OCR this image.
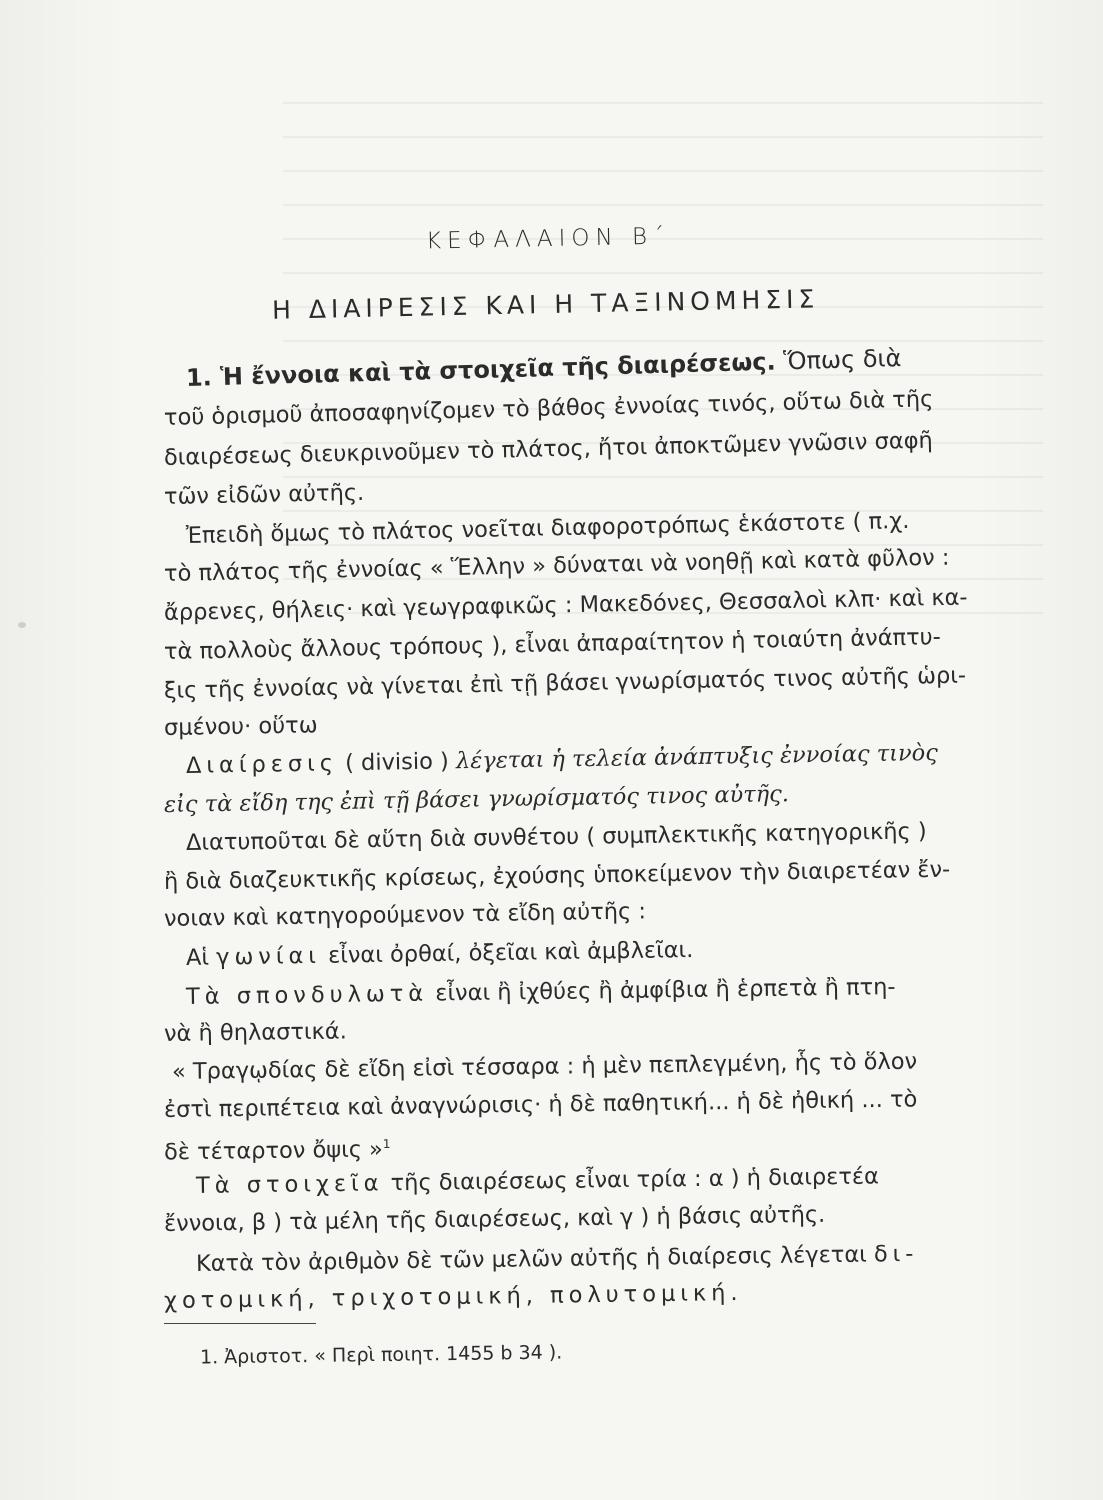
ΚΕΦΑΛΑΙΟΝ Β΄
Η ΔΙΑΙΡΕΣΙΣ ΚΑΙ Η ΤΑΞΙΝΟΜΗΣΙΣ
1. Ἡ ἔννοια καὶ τὰ στοιχεῖα τῆς διαιρέσεως. Ὅπως διὰ
τοῦ ὁρισμοῦ ἀποσαφηνίζομεν τὸ βάθος ἐννοίας τινός, οὕτω διὰ τῆς
διαιρέσεως διευκρινοῦμεν τὸ πλάτος, ἤτοι ἀποκτῶμεν γνῶσιν σαφῆ
τῶν εἰδῶν αὐτῆς.
Ἐπειδὴ ὅμως τὸ πλάτος νοεῖται διαφοροτρόπως ἑκάστοτε ( π.χ.
τὸ πλάτος τῆς ἐννοίας « Ἕλλην » δύναται νὰ νοηθῇ καὶ κατὰ φῦλον :
ἄρρενες, θήλεις· καὶ γεωγραφικῶς : Μακεδόνες, Θεσσαλοὶ κλπ· καὶ κα-
τὰ πολλοὺς ἄλλους τρόπους ), εἶναι ἀπαραίτητον ἡ τοιαύτη ἀνάπτυ-
ξις τῆς ἐννοίας νὰ γίνεται ἐπὶ τῇ βάσει γνωρίσματός τινος αὐτῆς ὡρι-
σμένου· οὕτω
Διαίρεσις ( divisio ) λέγεται ἡ τελεία ἀνάπτυξις ἐννοίας τινὸς
εἰς τὰ εἴδη της ἐπὶ τῇ βάσει γνωρίσματός τινος αὐτῆς.
Διατυποῦται δὲ αὕτη διὰ συνθέτου ( συμπλεκτικῆς κατηγορικῆς )
ἢ διὰ διαζευκτικῆς κρίσεως, ἐχούσης ὑποκείμενον τὴν διαιρετέαν ἔν-
νοιαν καὶ κατηγορούμενον τὰ εἴδη αὐτῆς :
Αἱ γωνίαι εἶναι ὀρθαί, ὀξεῖαι καὶ ἀμβλεῖαι.
Τὰ σπονδυλωτὰ εἶναι ἢ ἰχθύες ἢ ἀμφίβια ἢ ἑρπετὰ ἢ πτη-
νὰ ἢ θηλαστικά.
« Τραγῳδίας δὲ εἴδη εἰσὶ τέσσαρα : ἡ μὲν πεπλεγμένη, ἧς τὸ ὅλον
ἐστὶ περιπέτεια καὶ ἀναγνώρισις· ἡ δὲ παθητική... ἡ δὲ ἠθική ... τὸ
δὲ τέταρτον ὄψις »$^1$
Τὰ στοιχεῖα τῆς διαιρέσεως εἶναι τρία : α ) ἡ διαιρετέα
ἔννοια, β ) τὰ μέλη τῆς διαιρέσεως, καὶ γ ) ἡ βάσις αὐτῆς.
Κατὰ τὸν ἀριθμὸν δὲ τῶν μελῶν αὐτῆς ἡ διαίρεσις λέγεται δι-
χοτομική, τριχοτομική, πολυτομική.
1. Ἀριστοτ. « Περὶ ποιητ. 1455 b 34 ).
